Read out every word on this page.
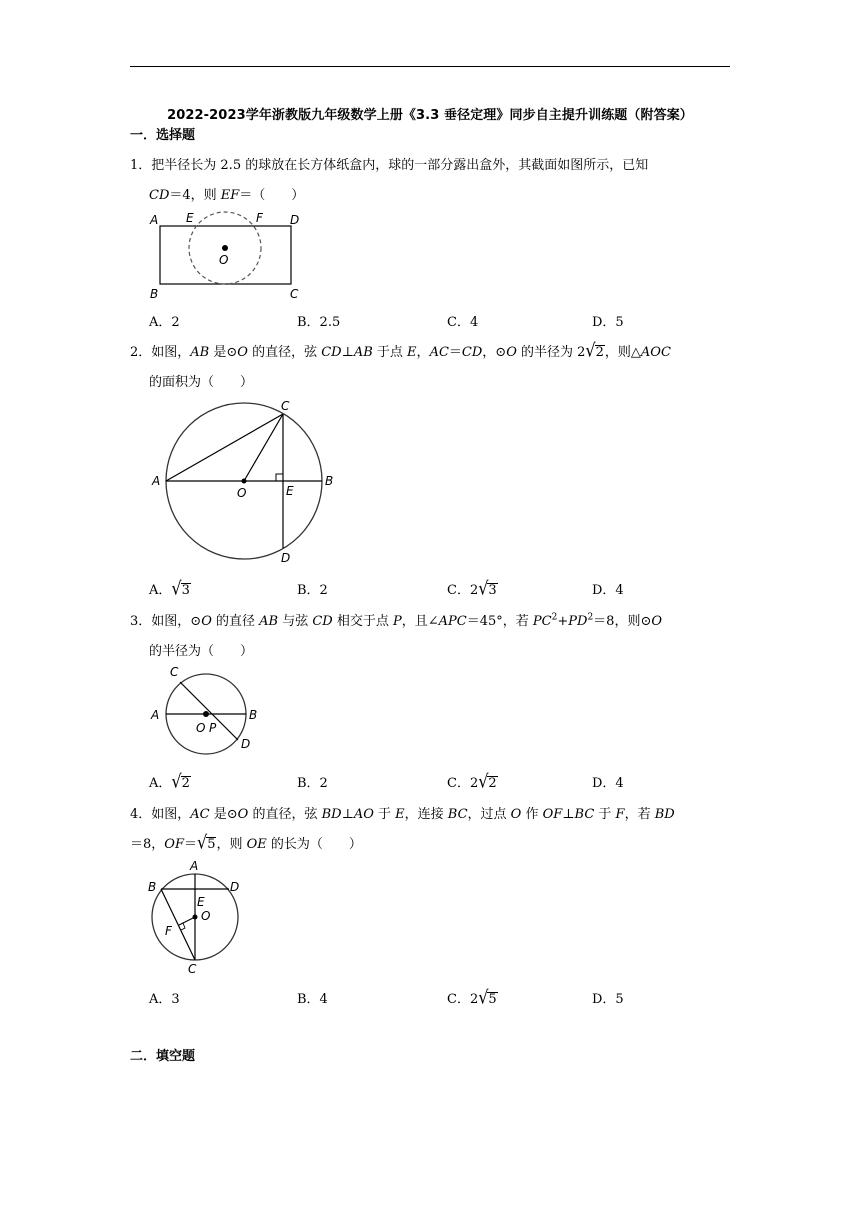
2022-2023学年浙教版九年级数学上册《3.3 垂径定理》同步自主提升训练题（附答案）
一．选择题
1．把半径长为 2.5 的球放在长方体纸盒内，球的一部分露出盒外，其截面如图所示，已知
CD＝4，则 EF＝（　　）
A E	F D
O
B	C
A．2	B．2.5	C．4	D．5
2．如图，AB 是⊙O 的直径，弦 CD⊥AB 于点 E，AC＝CD，⊙O 的半径为 2√2，则△AOC
的面积为（　　）
C
A
O	E
B
D
A．√3	B．2	C．2√3	D．4
3．如图，⊙O 的直径 AB 与弦 CD 相交于点 P，且∠APC＝45°，若 $PC^2+PD^2=8$，则⊙O
的半径为（　　）
C
A
O P
B
D
A．√2	B．2	C．2√2	D．4
4．如图，AC 是⊙O 的直径，弦 BD⊥AO 于 E，连接 BC，过点 O 作 OF⊥BC 于 F，若 BD
＝8，OF＝√5，则 OE 的长为（　　）
A
B	D
E
O
F
C
A．3	B．4	C．2√5	D．5
二．填空题
